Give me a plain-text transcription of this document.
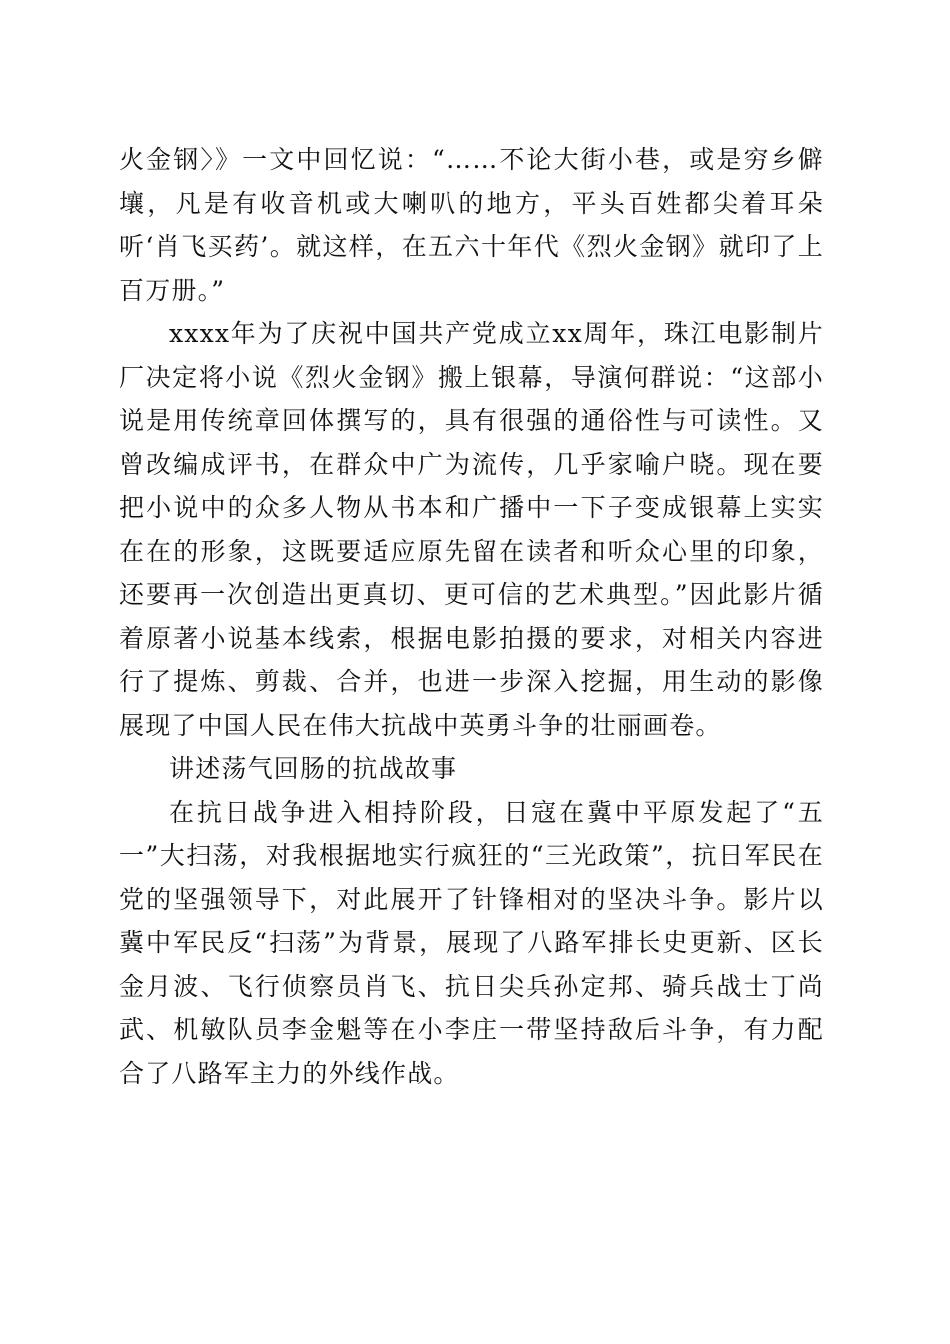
火金钢〉》一文中回忆说：“……不论大街小巷，或是穷乡僻壤，凡是有收音机或大喇叭的地方，平头百姓都尖着耳朵听‘肖飞买药’。就这样，在五六十年代《烈火金钢》就印了上百万册。”

xxxx年为了庆祝中国共产党成立xx周年，珠江电影制片厂决定将小说《烈火金钢》搬上银幕，导演何群说：“这部小说是用传统章回体撰写的，具有很强的通俗性与可读性。又曾改编成评书，在群众中广为流传，几乎家喻户晓。现在要把小说中的众多人物从书本和广播中一下子变成银幕上实实在在的形象，这既要适应原先留在读者和听众心里的印象，还要再一次创造出更真切、更可信的艺术典型。”因此影片循着原著小说基本线索，根据电影拍摄的要求，对相关内容进行了提炼、剪裁、合并，也进一步深入挖掘，用生动的影像展现了中国人民在伟大抗战中英勇斗争的壮丽画卷。

讲述荡气回肠的抗战故事

在抗日战争进入相持阶段，日寇在冀中平原发起了“五一”大扫荡，对我根据地实行疯狂的“三光政策”，抗日军民在党的坚强领导下，对此展开了针锋相对的坚决斗争。影片以冀中军民反“扫荡”为背景，展现了八路军排长史更新、区长金月波、飞行侦察员肖飞、抗日尖兵孙定邦、骑兵战士丁尚武、机敏队员李金魁等在小李庄一带坚持敌后斗争，有力配合了八路军主力的外线作战。
